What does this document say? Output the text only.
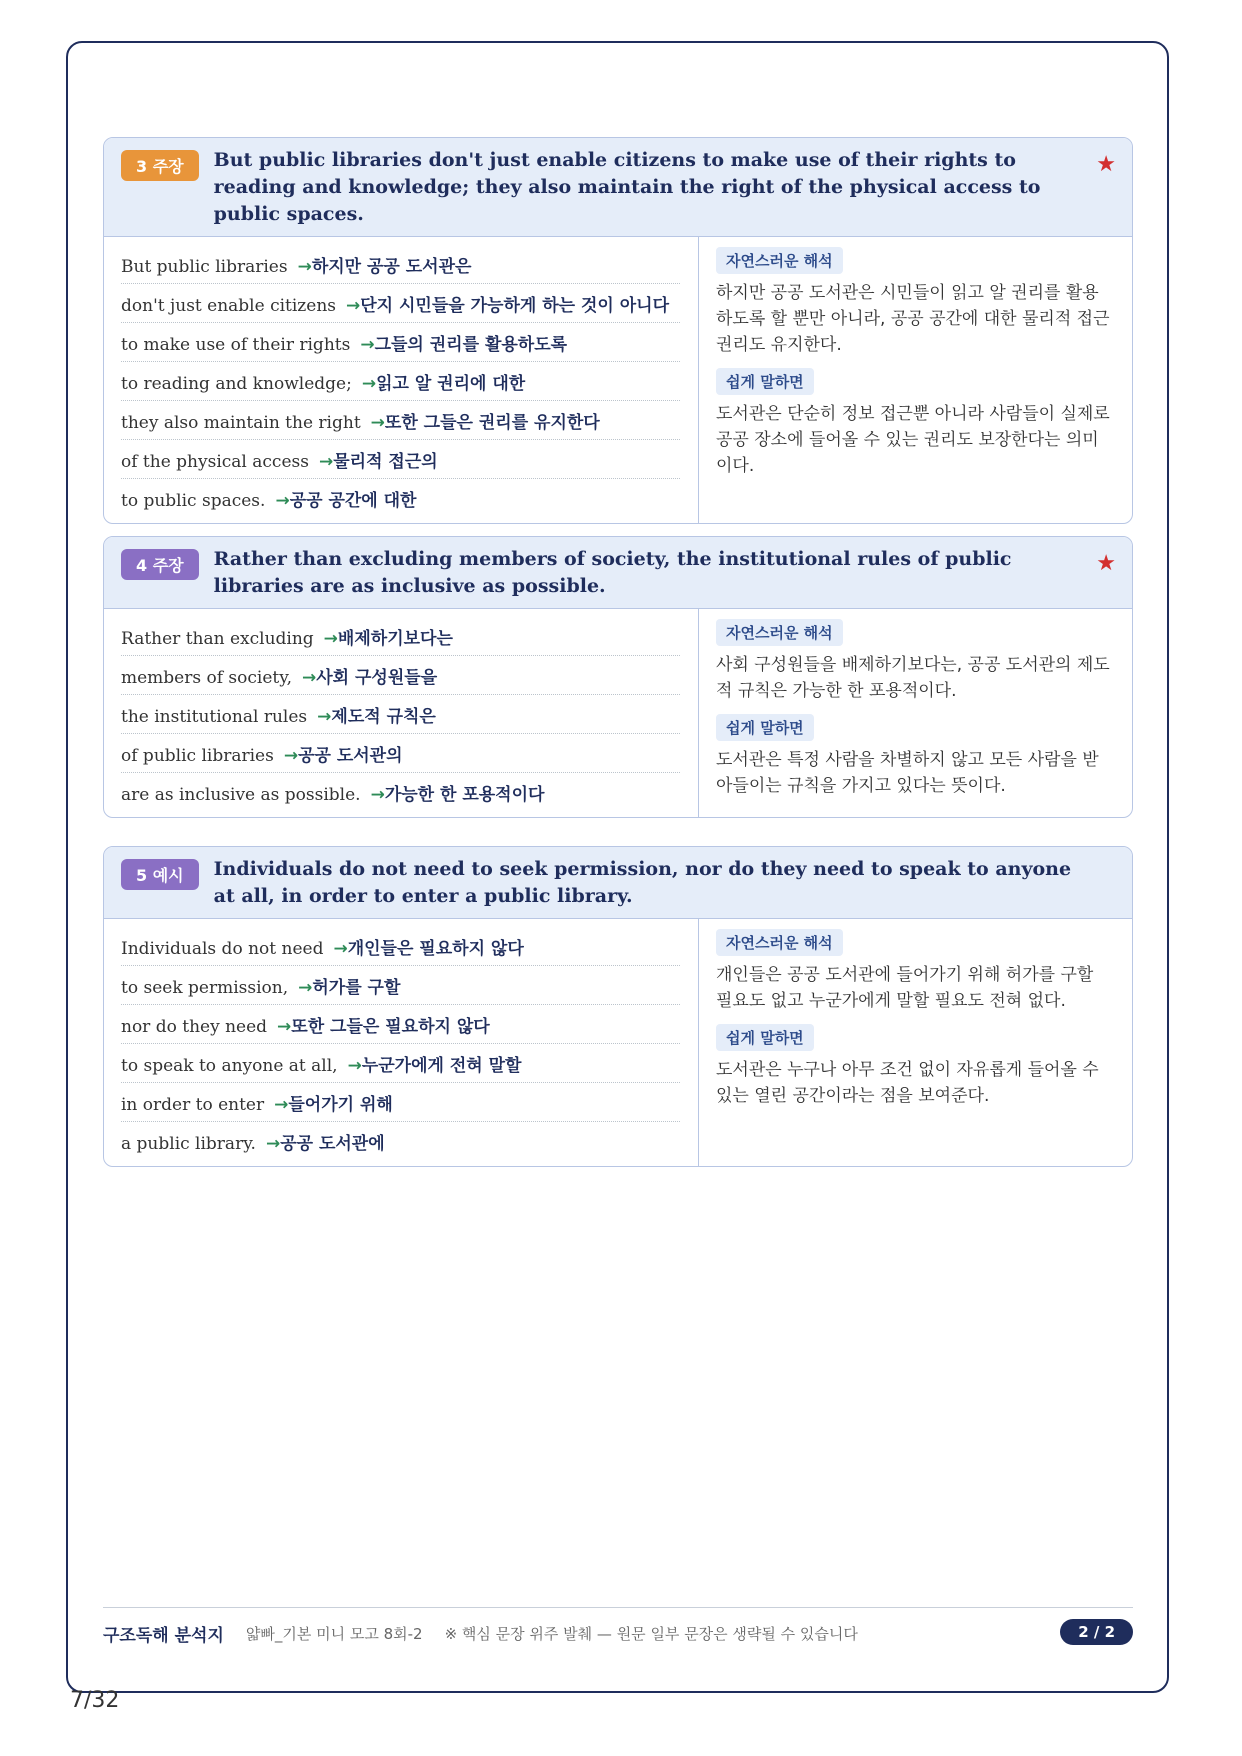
3 주장	But public libraries don't just enable citizens to make use of their rights to reading and knowledge; they also maintain the right of the physical access to public spaces.
★
But public libraries →하지만 공공 도서관은
don't just enable citizens →단지 시민들을 가능하게 하는 것이 아니다
to make use of their rights →그들의 권리를 활용하도록
to reading and knowledge; →읽고 알 권리에 대한
they also maintain the right →또한 그들은 권리를 유지한다
of the physical access →물리적 접근의
to public spaces. →공공 공간에 대한
자연스러운 해석
하지만 공공 도서관은 시민들이 읽고 알 권리를 활용하도록 할 뿐만 아니라, 공공 공간에 대한 물리적 접근 권리도 유지한다.
쉽게 말하면
도서관은 단순히 정보 접근뿐 아니라 사람들이 실제로 공공 장소에 들어올 수 있는 권리도 보장한다는 의미이다.
4 주장	Rather than excluding members of society, the institutional rules of public libraries are as inclusive as possible.
★
Rather than excluding →배제하기보다는
members of society, →사회 구성원들을
the institutional rules →제도적 규칙은
of public libraries →공공 도서관의
are as inclusive as possible. →가능한 한 포용적이다
자연스러운 해석
사회 구성원들을 배제하기보다는, 공공 도서관의 제도적 규칙은 가능한 한 포용적이다.
쉽게 말하면
도서관은 특정 사람을 차별하지 않고 모든 사람을 받아들이는 규칙을 가지고 있다는 뜻이다.
5 예시	Individuals do not need to seek permission, nor do they need to speak to anyone at all, in order to enter a public library.
Individuals do not need →개인들은 필요하지 않다
to seek permission, →허가를 구할
nor do they need →또한 그들은 필요하지 않다
to speak to anyone at all, →누군가에게 전혀 말할
in order to enter →들어가기 위해
a public library. →공공 도서관에
자연스러운 해석
개인들은 공공 도서관에 들어가기 위해 허가를 구할 필요도 없고 누군가에게 말할 필요도 전혀 없다.
쉽게 말하면
도서관은 누구나 아무 조건 없이 자유롭게 들어올 수 있는 열린 공간이라는 점을 보여준다.
구조독해 분석지 얇빠_기본 미니 모고 8회-2 ※ 핵심 문장 위주 발췌 — 원문 일부 문장은 생략될 수 있습니다	2 / 2
7/32
